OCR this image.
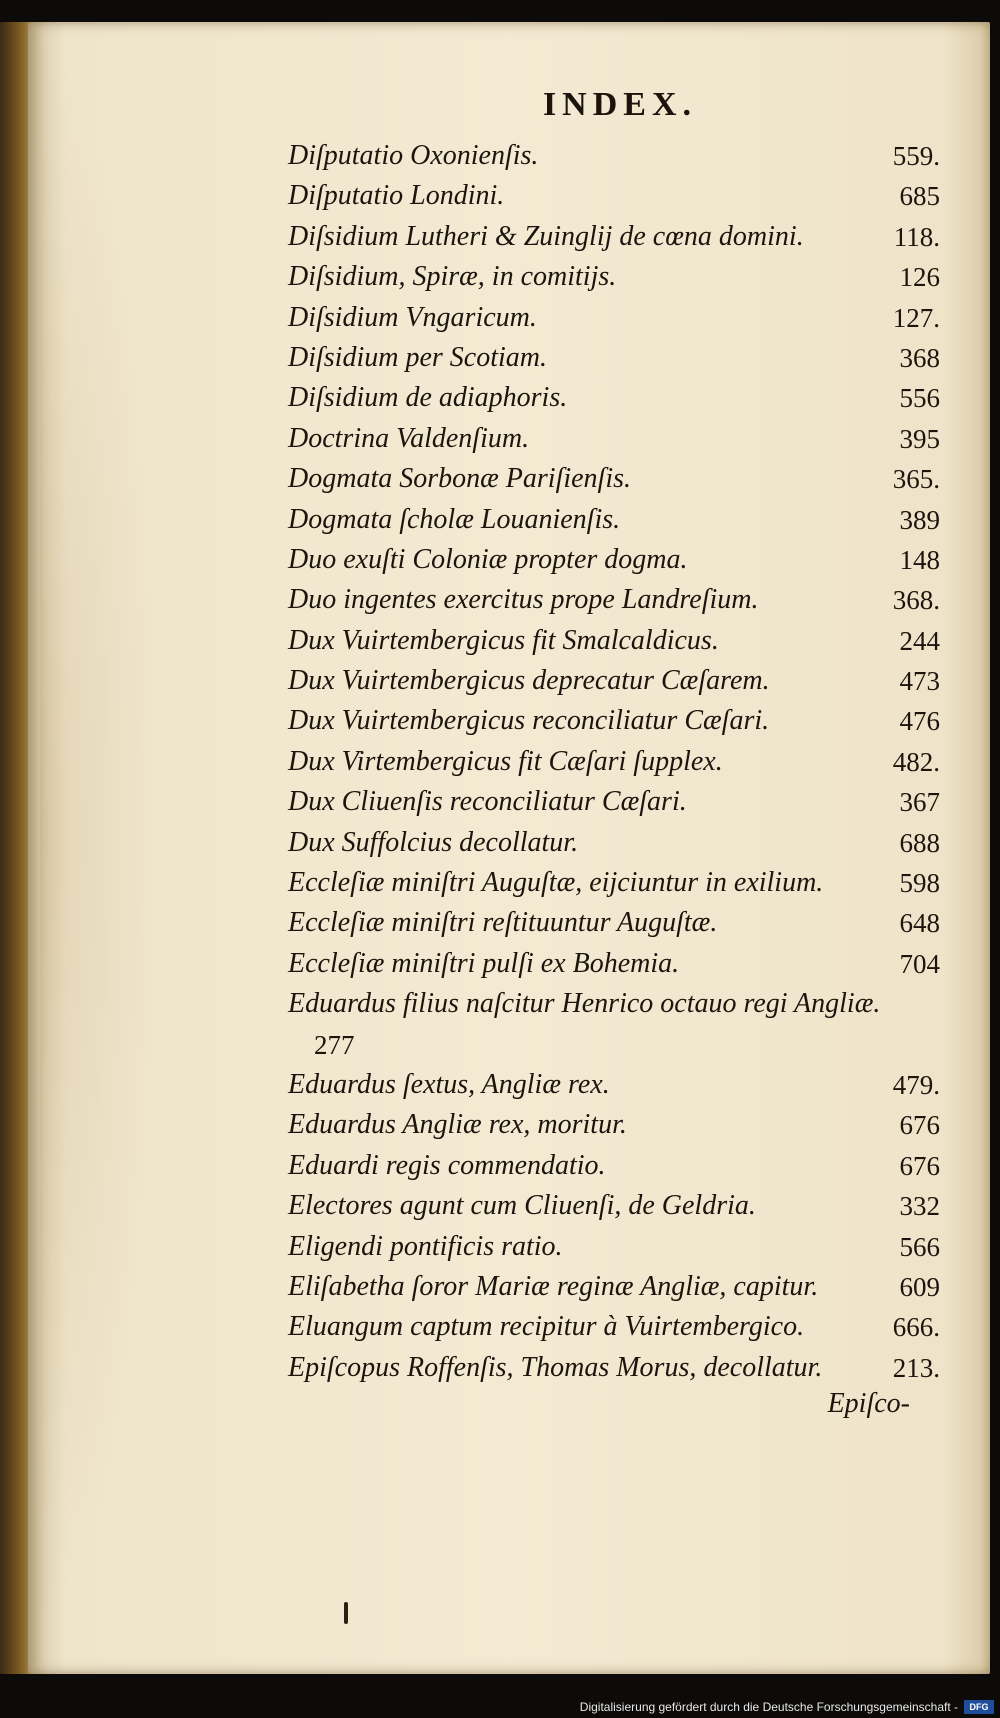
INDEX.
Diſputatio Oxonienſis.	559.
Diſputatio Londini.	685
Diſsidium Lutheri & Zuinglij de cœna domini.	118.
Diſsidium, Spiræ, in comitijs.	126
Diſsidium Vngaricum.	127.
Diſsidium per Scotiam.	368
Diſsidium de adiaphoris.	556
Doctrina Valdenſium.	395
Dogmata Sorbonæ Pariſienſis.	365.
Dogmata ſcholæ Louanienſis.	389
Duo exuſti Coloniæ propter dogma.	148
Duo ingentes exercitus prope Landreſium.	368.
Dux Vuirtembergicus fit Smalcaldicus.	244
Dux Vuirtembergicus deprecatur Cæſarem.	473
Dux Vuirtembergicus reconciliatur Cæſari.	476
Dux Virtembergicus fit Cæſari ſupplex.	482.
Dux Cliuenſis reconciliatur Cæſari.	367
Dux Suffolcius decollatur.	688
Eccleſiæ miniſtri Auguſtæ, eijciuntur in exilium.	598
Eccleſiæ miniſtri reſtituuntur Auguſtæ.	648
Eccleſiæ miniſtri pulſi ex Bohemia.	704
Eduardus filius naſcitur Henrico octauo regi Angliæ.
277
Eduardus ſextus, Angliæ rex.	479.
Eduardus Angliæ rex, moritur.	676
Eduardi regis commendatio.	676
Electores agunt cum Cliuenſi, de Geldria.	332
Eligendi pontificis ratio.	566
Eliſabetha ſoror Mariæ reginæ Angliæ, capitur.	609
Eluangum captum recipitur à Vuirtembergico.	666.
Epiſcopus Roffenſis, Thomas Morus, decollatur.	213.
Epiſco-
Digitalisierung gefördert durch die Deutsche Forschungsgemeinschaft -	DFG
